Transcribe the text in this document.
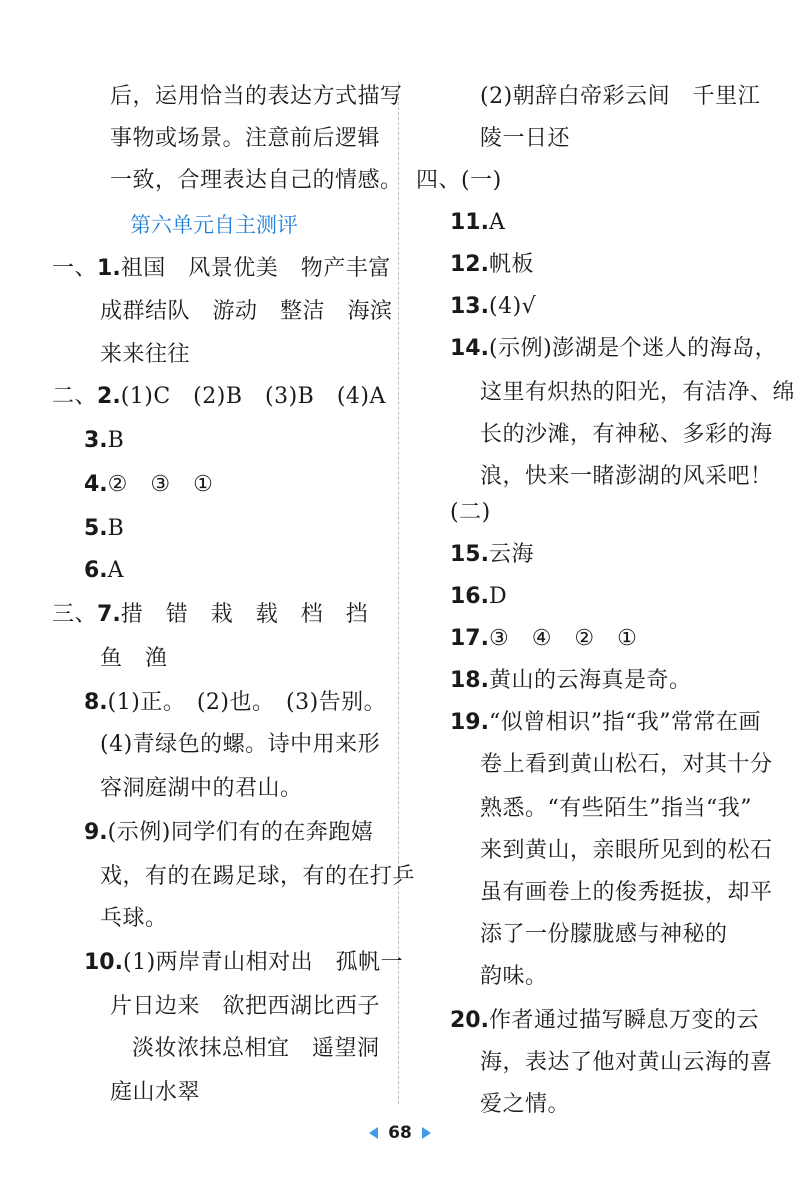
后，运用恰当的表达方式描写
事物或场景。注意前后逻辑
一致，合理表达自己的情感。
第六单元自主测评
一、1.祖国　风景优美　物产丰富
成群结队　游动　整洁　海滨
来来往往
二、2.(1)C　(2)B　(3)B　(4)A
3.B
4.②　③　①
5.B
6.A
三、7.措　错　栽　载　档　挡
鱼　渔
8.(1)正。　(2)也。　(3)告别。
(4)青绿色的螺。诗中用来形
容洞庭湖中的君山。
9.(示例)同学们有的在奔跑嬉
戏，有的在踢足球，有的在打乒
乓球。
10.(1)两岸青山相对出　孤帆一
片日边来　欲把西湖比西子
淡妆浓抹总相宜　遥望洞
庭山水翠
(2)朝辞白帝彩云间　千里江
陵一日还
四、(一)
11.A
12.帆板
13.(4)√
14.(示例)澎湖是个迷人的海岛，
这里有炽热的阳光，有洁净、绵
长的沙滩，有神秘、多彩的海
浪，快来一睹澎湖的风采吧！
(二)
15.云海
16.D
17.③　④　②　①
18.黄山的云海真是奇。
19.“似曾相识”指“我”常常在画
卷上看到黄山松石，对其十分
熟悉。“有些陌生”指当“我”
来到黄山，亲眼所见到的松石
虽有画卷上的俊秀挺拔，却平
添了一份朦胧感与神秘的
韵味。
20.作者通过描写瞬息万变的云
海，表达了他对黄山云海的喜
爱之情。
68
